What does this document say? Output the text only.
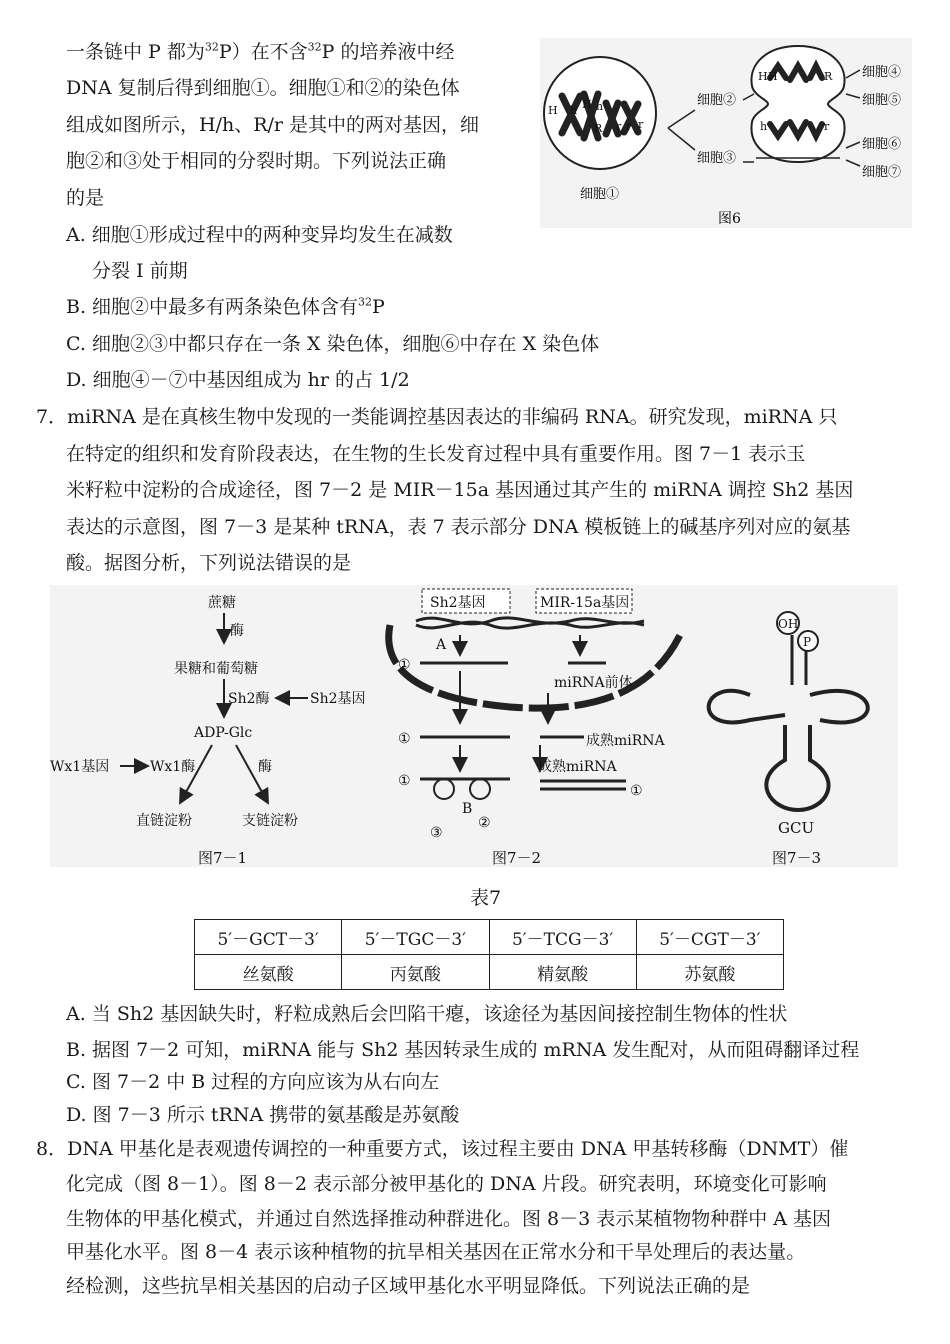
一条链中 P 都为$^{32}$P）在不含$^{32}$P 的培养液中经
DNA 复制后得到细胞①。细胞①和②的染色体
组成如图所示，H/h、R/r 是其中的两对基因，细
胞②和③处于相同的分裂时期。下列说法正确
的是
A. 细胞①形成过程中的两种变异均发生在减数
分裂 I 前期
B. 细胞②中最多有两条染色体含有$^{32}$P
C. 细胞②③中都只存在一条 X 染色体，细胞⑥中存在 X 染色体
D. 细胞④－⑦中基因组成为 hr 的占 1/2
H h H h
R r r r
细胞①
细胞②
细胞③
H H	R
h	r
细胞④
细胞⑤
细胞⑥
细胞⑦
图6
7．miRNA 是在真核生物中发现的一类能调控基因表达的非编码 RNA。研究发现，miRNA 只
在特定的组织和发育阶段表达，在生物的生长发育过程中具有重要作用。图 7－1 表示玉
米籽粒中淀粉的合成途径，图 7－2 是 MIR－15a 基因通过其产生的 miRNA 调控 Sh2 基因
表达的示意图，图 7－3 是某种 tRNA，表 7 表示部分 DNA 模板链上的碱基序列对应的氨基
酸。据图分析，下列说法错误的是
蔗糖
酶
果糖和葡萄糖
Sh2酶	Sh2基因
ADP-Glc
Wx1基因	Wx1酶	酶
直链淀粉	支链淀粉
图7－1
Sh2基因	MIR-15a基因
A
①
miRNA前体
①	成熟miRNA
成熟miRNA
①
B
③
②
①
图7－2
OH
P
GCU
图7－3
表7
5′－GCT－3′	5′－TGC－3′	5′－TCG－3′	5′－CGT－3′
丝氨酸	丙氨酸	精氨酸	苏氨酸
A. 当 Sh2 基因缺失时，籽粒成熟后会凹陷干瘪，该途径为基因间接控制生物体的性状
B. 据图 7－2 可知，miRNA 能与 Sh2 基因转录生成的 mRNA 发生配对，从而阻碍翻译过程
C. 图 7－2 中 B 过程的方向应该为从右向左
D. 图 7－3 所示 tRNA 携带的氨基酸是苏氨酸
8．DNA 甲基化是表观遗传调控的一种重要方式，该过程主要由 DNA 甲基转移酶（DNMT）催
化完成（图 8－1）。图 8－2 表示部分被甲基化的 DNA 片段。研究表明，环境变化可影响
生物体的甲基化模式，并通过自然选择推动种群进化。图 8－3 表示某植物物种群中 A 基因
甲基化水平。图 8－4 表示该种植物的抗旱相关基因在正常水分和干旱处理后的表达量。
经检测，这些抗旱相关基因的启动子区域甲基化水平明显降低。下列说法正确的是
